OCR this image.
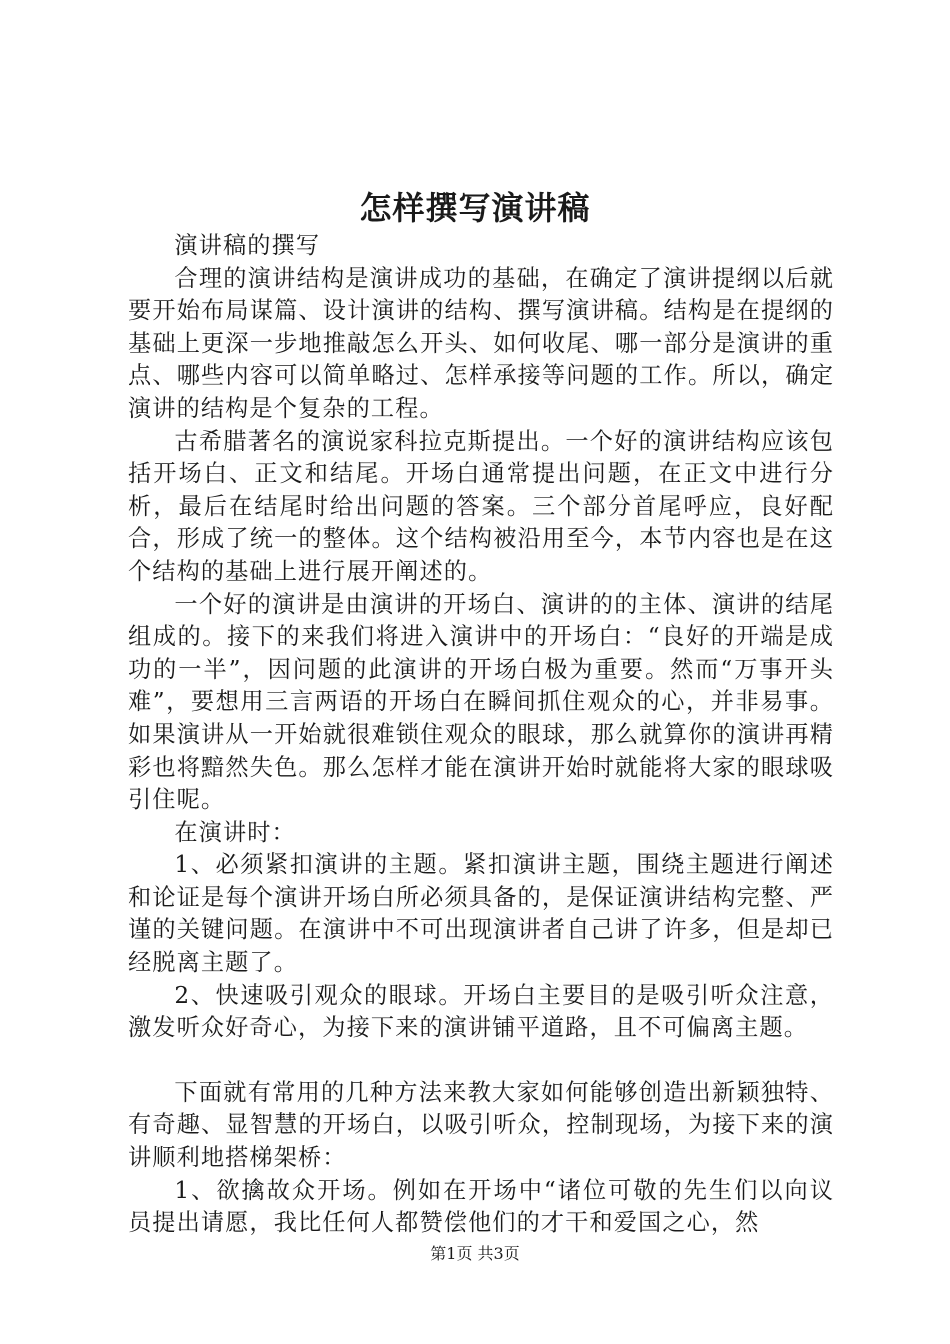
怎样撰写演讲稿

演讲稿的撰写

合理的演讲结构是演讲成功的基础，在确定了演讲提纲以后就要开始布局谋篇、设计演讲的结构、撰写演讲稿。结构是在提纲的基础上更深一步地推敲怎么开头、如何收尾、哪一部分是演讲的重点、哪些内容可以简单略过、怎样承接等问题的工作。所以，确定演讲的结构是个复杂的工程。

古希腊著名的演说家科拉克斯提出。一个好的演讲结构应该包括开场白、正文和结尾。开场白通常提出问题，在正文中进行分析，最后在结尾时给出问题的答案。三个部分首尾呼应，良好配合，形成了统一的整体。这个结构被沿用至今，本节内容也是在这个结构的基础上进行展开阐述的。

一个好的演讲是由演讲的开场白、演讲的的主体、演讲的结尾组成的。接下的来我们将进入演讲中的开场白：“良好的开端是成功的一半”，因问题的此演讲的开场白极为重要。然而“万事开头难”，要想用三言两语的开场白在瞬间抓住观众的心，并非易事。如果演讲从一开始就很难锁住观众的眼球，那么就算你的演讲再精彩也将黯然失色。那么怎样才能在演讲开始时就能将大家的眼球吸引住呢。

在演讲时：

1、必须紧扣演讲的主题。紧扣演讲主题，围绕主题进行阐述和论证是每个演讲开场白所必须具备的，是保证演讲结构完整、严谨的关键问题。在演讲中不可出现演讲者自己讲了许多，但是却已经脱离主题了。

2、快速吸引观众的眼球。开场白主要目的是吸引听众注意，激发听众好奇心，为接下来的演讲铺平道路，且不可偏离主题。

下面就有常用的几种方法来教大家如何能够创造出新颖独特、有奇趣、显智慧的开场白，以吸引听众，控制现场，为接下来的演讲顺利地搭梯架桥：

1、欲擒故众开场。例如在开场中“诸位可敬的先生们以向议员提出请愿，我比任何人都赞偿他们的才干和爱国之心，然

第1页 共3页
